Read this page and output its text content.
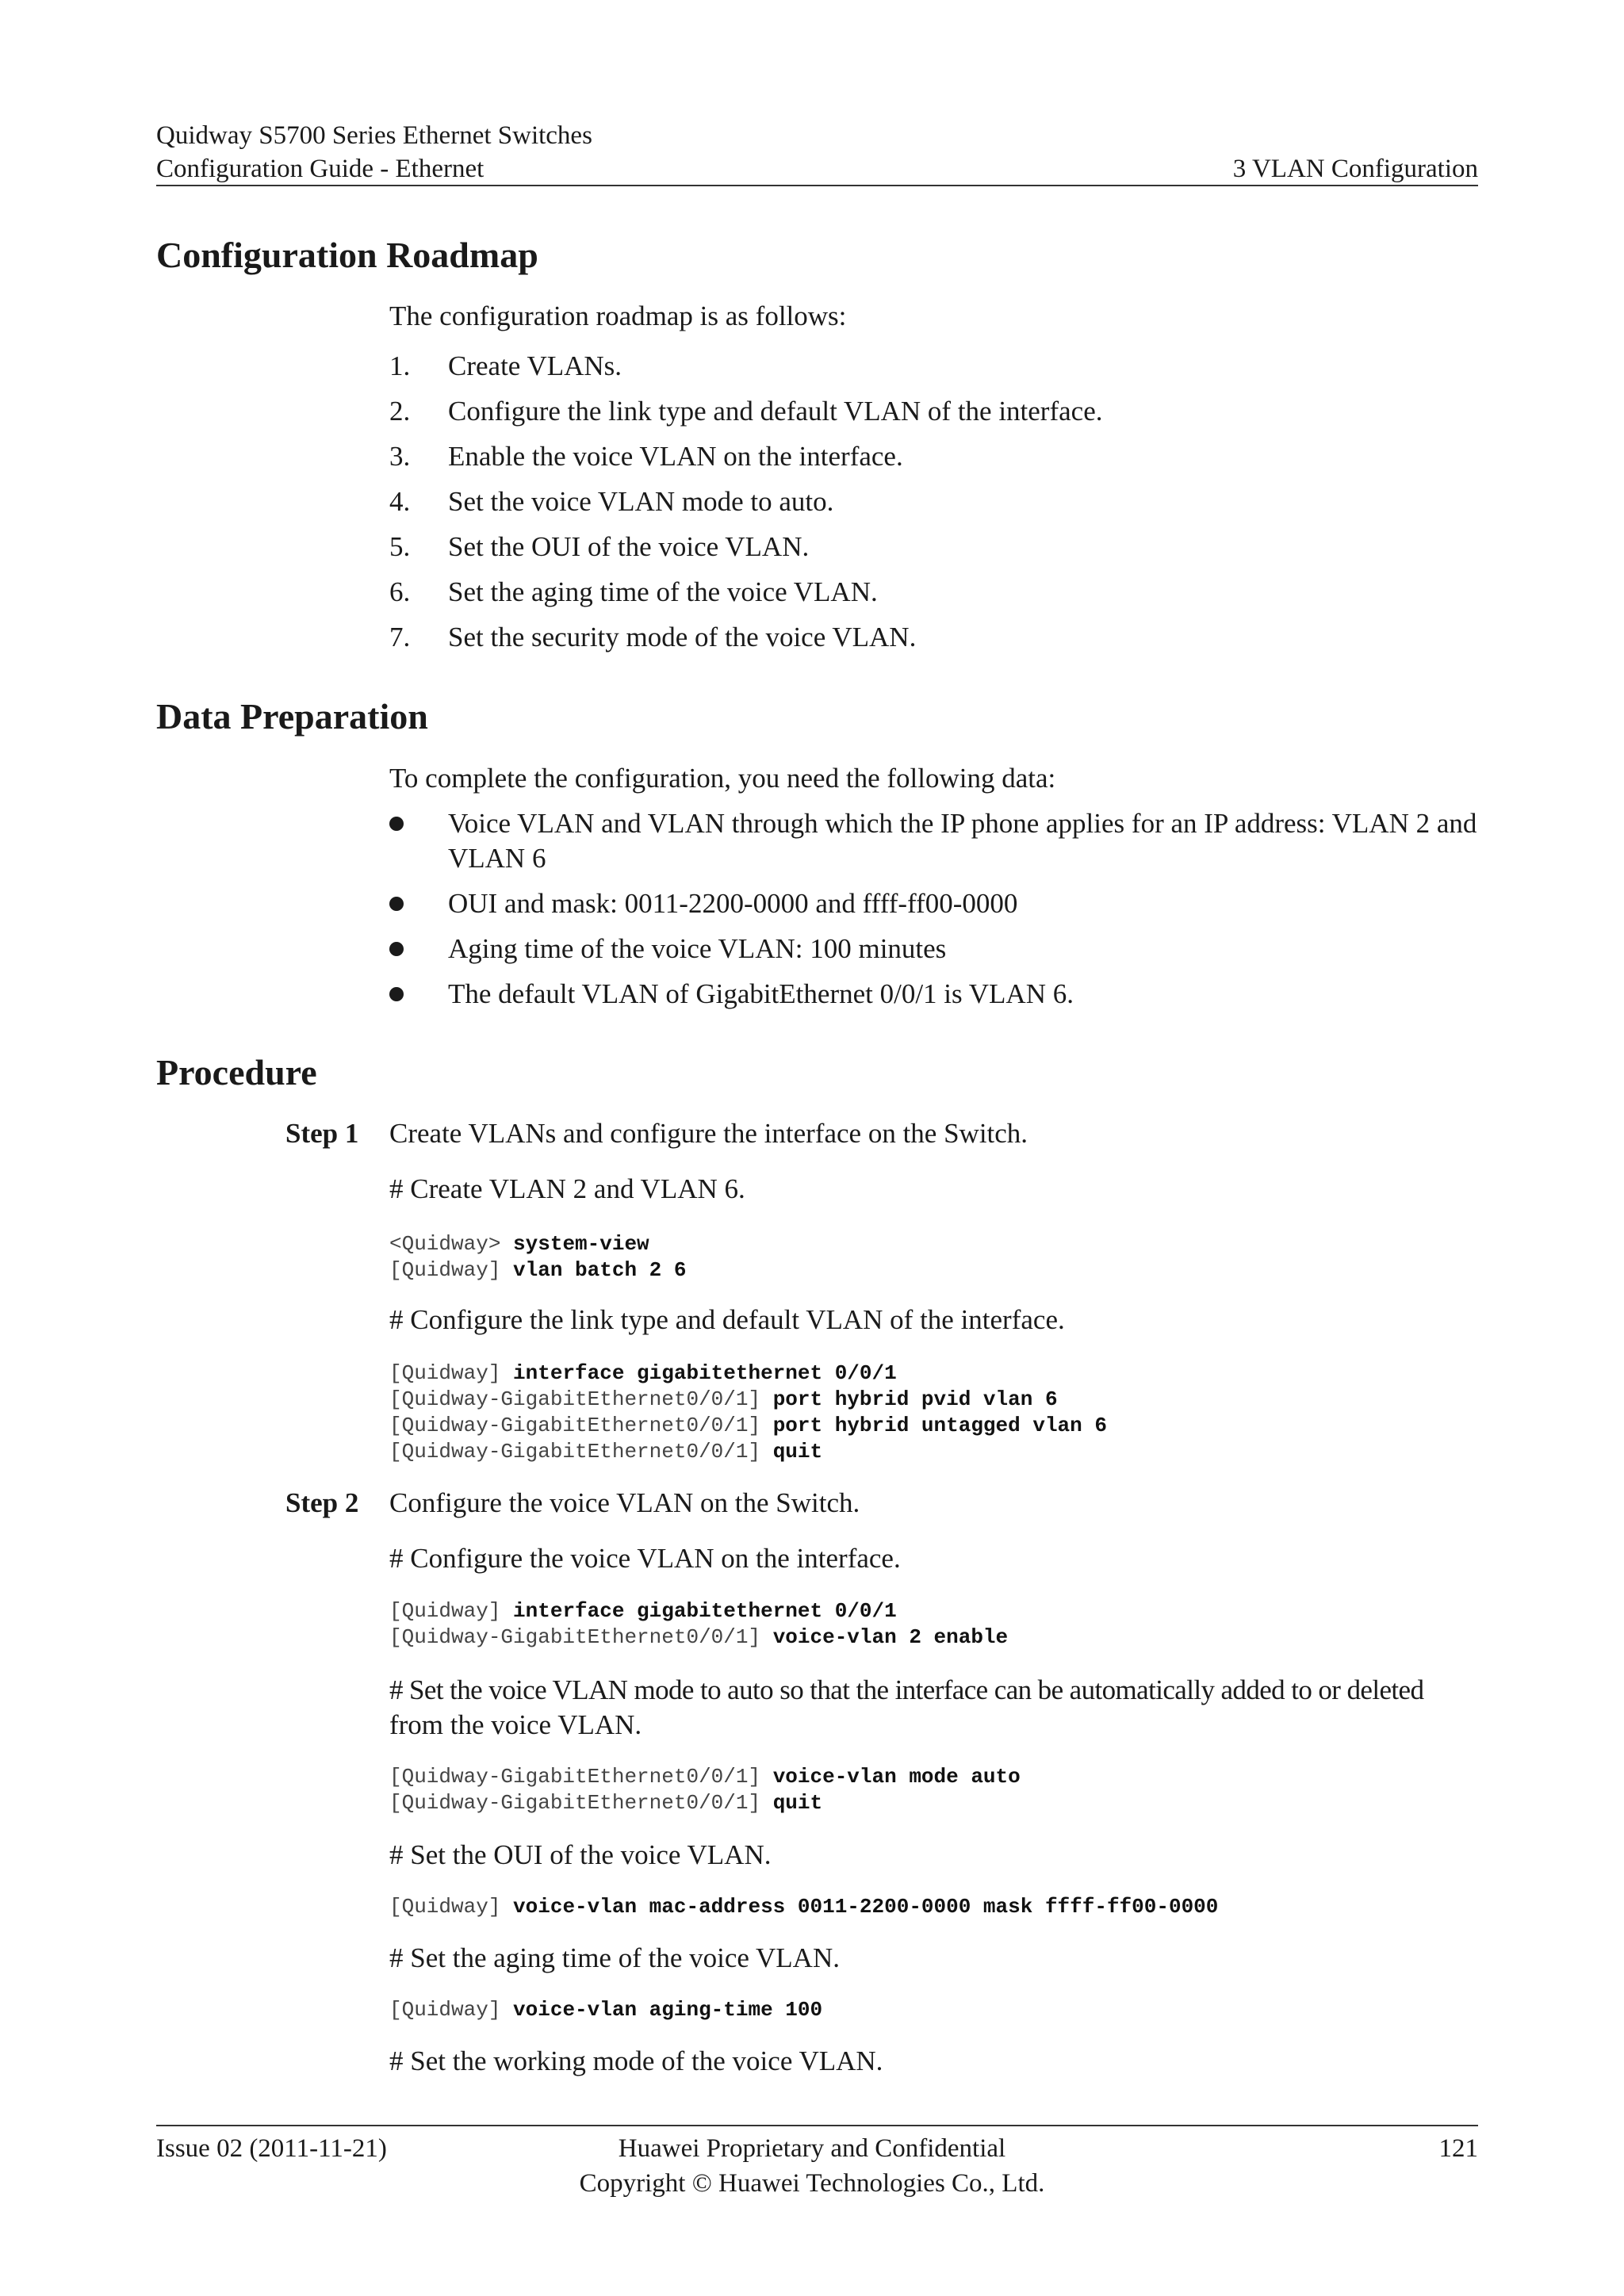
Quidway S5700 Series Ethernet Switches
Configuration Guide - Ethernet	3 VLAN Configuration
Configuration Roadmap
The configuration roadmap is as follows:
1. Create VLANs.
2. Configure the link type and default VLAN of the interface.
3. Enable the voice VLAN on the interface.
4. Set the voice VLAN mode to auto.
5. Set the OUI of the voice VLAN.
6. Set the aging time of the voice VLAN.
7. Set the security mode of the voice VLAN.
Data Preparation
To complete the configuration, you need the following data:
Voice VLAN and VLAN through which the IP phone applies for an IP address: VLAN 2 and VLAN 6
OUI and mask: 0011-2200-0000 and ffff-ff00-0000
Aging time of the voice VLAN: 100 minutes
The default VLAN of GigabitEthernet 0/0/1 is VLAN 6.
Procedure
Step 1 Create VLANs and configure the interface on the Switch.
# Create VLAN 2 and VLAN 6.
<Quidway> system-view
[Quidway] vlan batch 2 6
# Configure the link type and default VLAN of the interface.
[Quidway] interface gigabitethernet 0/0/1
[Quidway-GigabitEthernet0/0/1] port hybrid pvid vlan 6
[Quidway-GigabitEthernet0/0/1] port hybrid untagged vlan 6
[Quidway-GigabitEthernet0/0/1] quit
Step 2 Configure the voice VLAN on the Switch.
# Configure the voice VLAN on the interface.
[Quidway] interface gigabitethernet 0/0/1
[Quidway-GigabitEthernet0/0/1] voice-vlan 2 enable
# Set the voice VLAN mode to auto so that the interface can be automatically added to or deleted
from the voice VLAN.
[Quidway-GigabitEthernet0/0/1] voice-vlan mode auto
[Quidway-GigabitEthernet0/0/1] quit
# Set the OUI of the voice VLAN.
[Quidway] voice-vlan mac-address 0011-2200-0000 mask ffff-ff00-0000
# Set the aging time of the voice VLAN.
[Quidway] voice-vlan aging-time 100
# Set the working mode of the voice VLAN.
Issue 02 (2011-11-21)	Huawei Proprietary and Confidential
Copyright © Huawei Technologies Co., Ltd.
121
